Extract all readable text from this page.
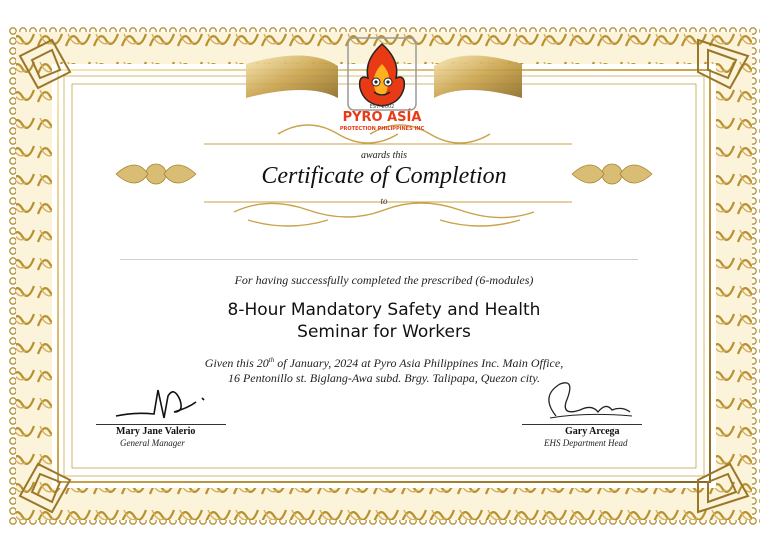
EST. 2002
PYRO ASÍA
PROTECTION PHILIPPINES INC
awards this
Certificate of Completion
to
For having successfully completed the prescribed (6-modules)
8-Hour Mandatory Safety and Health
Seminar for Workers
Given this 20th of January, 2024 at Pyro Asia Philippines Inc. Main Office,
16 Pentonillo st. Biglang-Awa subd. Brgy. Talipapa, Quezon city.
Mary Jane Valerio
General Manager
Gary Arcega
EHS Department Head
